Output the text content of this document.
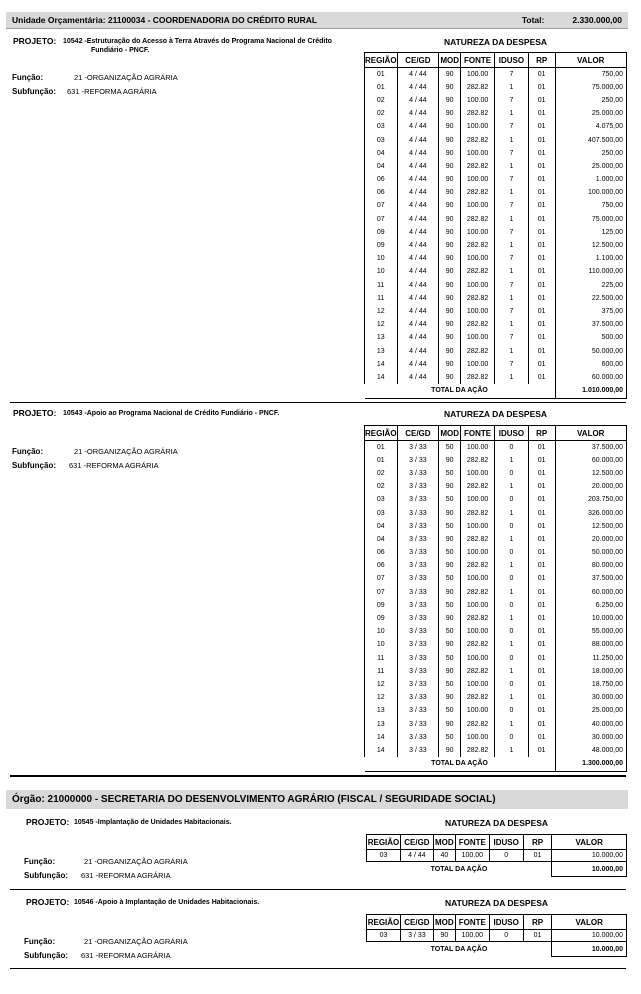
Unidade Orçamentária: 21100034 - COORDENADORIA DO CRÉDITO RURAL	Total:	2.330.000,00
PROJETO: 10542 -Estruturação do Acesso à Terra Através do Programa Nacional de Crédito
Fundiário - PNCF.
Função:	21 -ORGANIZAÇÃO AGRÁRIA
Subfunção:	631 -REFORMA AGRÁRIA
NATUREZA DA DESPESA
REGIÃO	CE/GD	MOD	FONTE	IDUSO	RP	VALOR
01	4 / 44	90	100.00	7	01	750,00
01	4 / 44	90	282.82	1	01	75.000,00
02	4 / 44	90	100.00	7	01	250,00
02	4 / 44	90	282.82	1	01	25.000,00
03	4 / 44	90	100.00	7	01	4.075,00
03	4 / 44	90	282.82	1	01	407.500,00
04	4 / 44	90	100.00	7	01	250,00
04	4 / 44	90	282.82	1	01	25.000,00
06	4 / 44	90	100.00	7	01	1.000,00
06	4 / 44	90	282.82	1	01	100.000,00
07	4 / 44	90	100.00	7	01	750,00
07	4 / 44	90	282.82	1	01	75.000,00
09	4 / 44	90	100.00	7	01	125,00
09	4 / 44	90	282.82	1	01	12.500,00
10	4 / 44	90	100.00	7	01	1.100,00
10	4 / 44	90	282.82	1	01	110.000,00
11	4 / 44	90	100.00	7	01	225,00
11	4 / 44	90	282.82	1	01	22.500,00
12	4 / 44	90	100.00	7	01	375,00
12	4 / 44	90	282.82	1	01	37.500,00
13	4 / 44	90	100.00	7	01	500,00
13	4 / 44	90	282.82	1	01	50.000,00
14	4 / 44	90	100.00	7	01	600,00
14	4 / 44	90	282.82	1	01	60.000,00
TOTAL DA AÇÃO						1.010.000,00
PROJETO: 10543 -Apoio ao Programa Nacional de Crédito Fundiário - PNCF.
Função:	21 -ORGANIZAÇÃO AGRÁRIA
Subfunção:	631 -REFORMA AGRÁRIA
NATUREZA DA DESPESA
REGIÃO	CE/GD	MOD	FONTE	IDUSO	RP	VALOR
01	3 / 33	50	100.00	0	01	37.500,00
01	3 / 33	90	282.82	1	01	60.000,00
02	3 / 33	50	100.00	0	01	12.500,00
02	3 / 33	90	282.82	1	01	20.000,00
03	3 / 33	50	100.00	0	01	203.750,00
03	3 / 33	90	282.82	1	01	326.000,00
04	3 / 33	50	100.00	0	01	12.500,00
04	3 / 33	90	282.82	1	01	20.000,00
06	3 / 33	50	100.00	0	01	50.000,00
06	3 / 33	90	282.82	1	01	80.000,00
07	3 / 33	50	100.00	0	01	37.500,00
07	3 / 33	90	282.82	1	01	60.000,00
09	3 / 33	50	100.00	0	01	6.250,00
09	3 / 33	90	282.82	1	01	10.000,00
10	3 / 33	50	100.00	0	01	55.000,00
10	3 / 33	90	282.82	1	01	88.000,00
11	3 / 33	50	100.00	0	01	11.250,00
11	3 / 33	90	282.82	1	01	18.000,00
12	3 / 33	50	100.00	0	01	18.750,00
12	3 / 33	90	282.82	1	01	30.000,00
13	3 / 33	50	100.00	0	01	25.000,00
13	3 / 33	90	282.82	1	01	40.000,00
14	3 / 33	50	100.00	0	01	30.000,00
14	3 / 33	90	282.82	1	01	48.000,00
TOTAL DA AÇÃO						1.300.000,00
Órgão: 21000000 - SECRETARIA DO DESENVOLVIMENTO AGRÁRIO (FISCAL / SEGURIDADE SOCIAL)
PROJETO: 10545 -Implantação de Unidades Habitacionais.
Função:	21 -ORGANIZAÇÃO AGRÁRIA
Subfunção:	631 -REFORMA AGRÁRIA
NATUREZA DA DESPESA
REGIÃO	CE/GD	MOD	FONTE	IDUSO	RP	VALOR
03	4 / 44	40	100.00	0	01	10.000,00
TOTAL DA AÇÃO						10.000,00
PROJETO: 10546 -Apoio à Implantação de Unidades Habitacionais.
Função:	21 -ORGANIZAÇÃO AGRÁRIA
Subfunção:	631 -REFORMA AGRÁRIA
NATUREZA DA DESPESA
REGIÃO	CE/GD	MOD	FONTE	IDUSO	RP	VALOR
03	3 / 33	90	100.00	0	01	10.000,00
TOTAL DA AÇÃO						10.000,00
